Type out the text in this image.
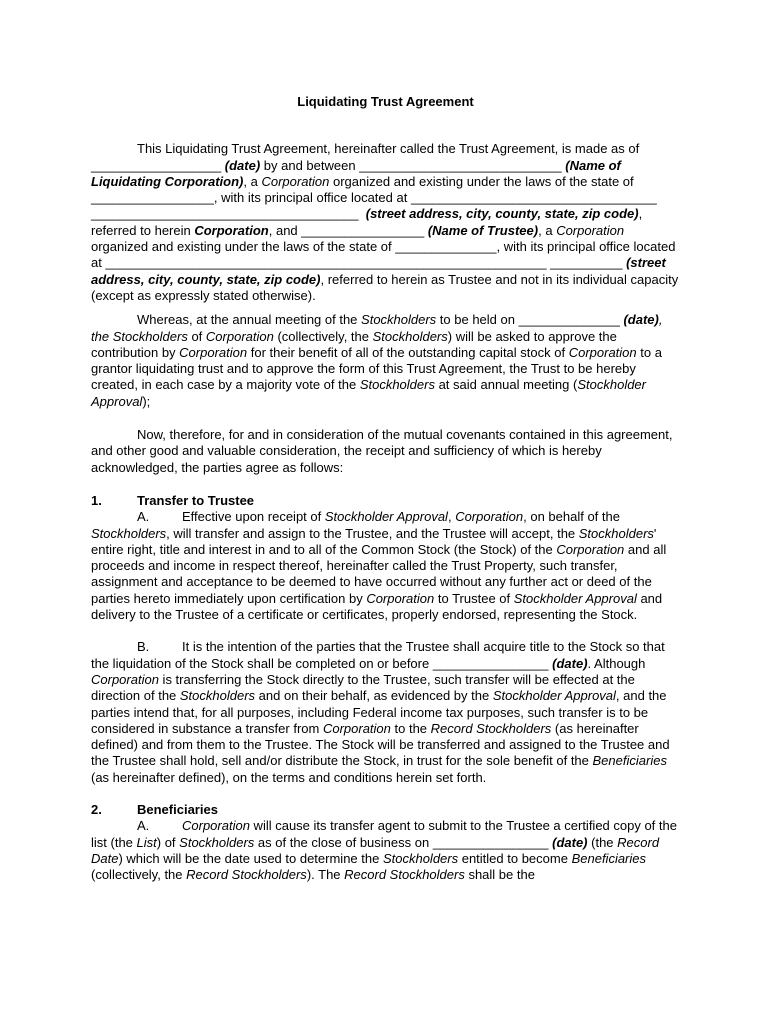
Liquidating Trust Agreement

This Liquidating Trust Agreement, hereinafter called the Trust Agreement, is made as of __________________ (date) by and between ____________________________ (Name of Liquidating Corporation), a Corporation organized and existing under the laws of the state of _________________, with its principal office located at __________________________________ _____________________________________ (street address, city, county, state, zip code), referred to herein Corporation, and _________________ (Name of Trustee), a Corporation organized and existing under the laws of the state of ______________, with its principal office located at _____________________________________________________________ __________ (street address, city, county, state, zip code), referred to herein as Trustee and not in its individual capacity (except as expressly stated otherwise).

Whereas, at the annual meeting of the Stockholders to be held on ______________ (date), the Stockholders of Corporation (collectively, the Stockholders) will be asked to approve the contribution by Corporation for their benefit of all of the outstanding capital stock of Corporation to a grantor liquidating trust and to approve the form of this Trust Agreement, the Trust to be hereby created, in each case by a majority vote of the Stockholders at said annual meeting (Stockholder Approval);

Now, therefore, for and in consideration of the mutual covenants contained in this agreement, and other good and valuable consideration, the receipt and sufficiency of which is hereby acknowledged, the parties agree as follows:

1.	Transfer to Trustee

A.	Effective upon receipt of Stockholder Approval, Corporation, on behalf of the Stockholders, will transfer and assign to the Trustee, and the Trustee will accept, the Stockholders' entire right, title and interest in and to all of the Common Stock (the Stock) of the Corporation and all proceeds and income in respect thereof, hereinafter called the Trust Property, such transfer, assignment and acceptance to be deemed to have occurred without any further act or deed of the parties hereto immediately upon certification by Corporation to Trustee of Stockholder Approval and delivery to the Trustee of a certificate or certificates, properly endorsed, representing the Stock.

B.	It is the intention of the parties that the Trustee shall acquire title to the Stock so that the liquidation of the Stock shall be completed on or before ________________ (date). Although Corporation is transferring the Stock directly to the Trustee, such transfer will be effected at the direction of the Stockholders and on their behalf, as evidenced by the Stockholder Approval, and the parties intend that, for all purposes, including Federal income tax purposes, such transfer is to be considered in substance a transfer from Corporation to the Record Stockholders (as hereinafter defined) and from them to the Trustee. The Stock will be transferred and assigned to the Trustee and the Trustee shall hold, sell and/or distribute the Stock, in trust for the sole benefit of the Beneficiaries (as hereinafter defined), on the terms and conditions herein set forth.

2.	Beneficiaries

A.	Corporation will cause its transfer agent to submit to the Trustee a certified copy of the list (the List) of Stockholders as of the close of business on ________________ (date) (the Record Date) which will be the date used to determine the Stockholders entitled to become Beneficiaries (collectively, the Record Stockholders). The Record Stockholders shall be the
